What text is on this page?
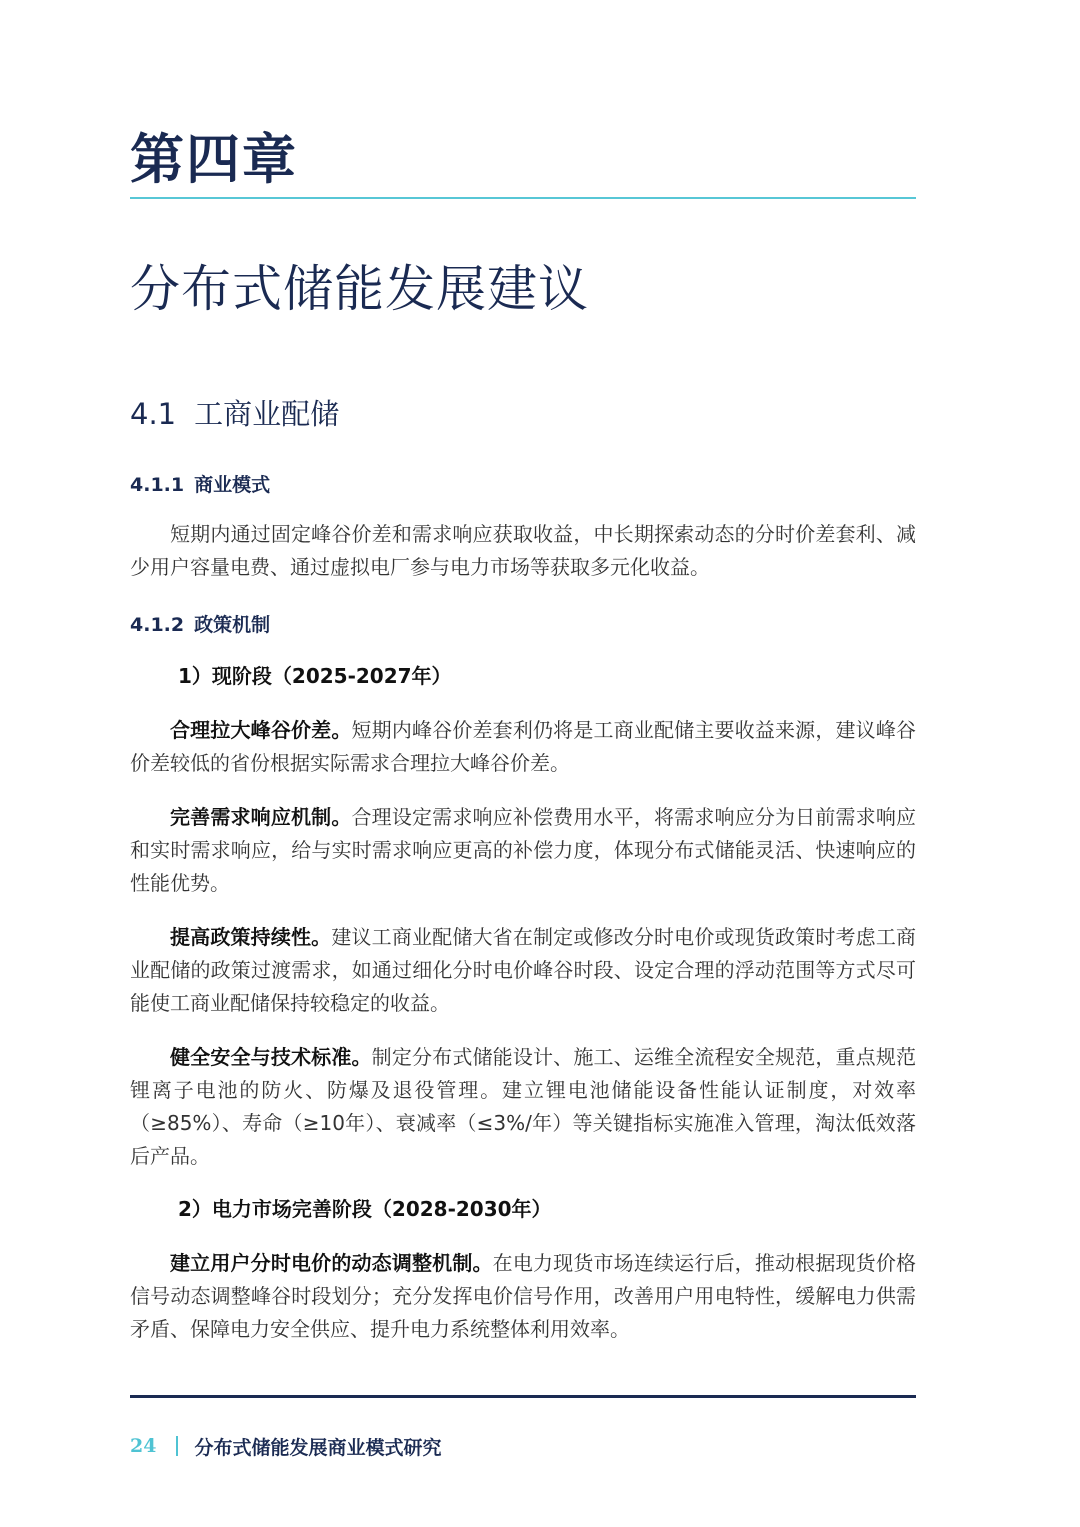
第四章
分布式储能发展建议
4.1 工商业配储
4.1.1 商业模式

短期内通过固定峰谷价差和需求响应获取收益，中长期探索动态的分时价差套利、减少用户容量电费、通过虚拟电厂参与电力市场等获取多元化收益。

4.1.2 政策机制

1）现阶段（2025-2027年）

合理拉大峰谷价差。短期内峰谷价差套利仍将是工商业配储主要收益来源，建议峰谷价差较低的省份根据实际需求合理拉大峰谷价差。

完善需求响应机制。合理设定需求响应补偿费用水平，将需求响应分为日前需求响应和实时需求响应，给与实时需求响应更高的补偿力度，体现分布式储能灵活、快速响应的性能优势。

提高政策持续性。建议工商业配储大省在制定或修改分时电价或现货政策时考虑工商业配储的政策过渡需求，如通过细化分时电价峰谷时段、设定合理的浮动范围等方式尽可能使工商业配储保持较稳定的收益。

健全安全与技术标准。制定分布式储能设计、施工、运维全流程安全规范，重点规范锂离子电池的防火、防爆及退役管理。建立锂电池储能设备性能认证制度，对效率（≥85%）、寿命（≥10年）、衰减率（≤3%/年）等关键指标实施准入管理，淘汰低效落后产品。

2）电力市场完善阶段（2028-2030年）

建立用户分时电价的动态调整机制。在电力现货市场连续运行后，推动根据现货价格信号动态调整峰谷时段划分；充分发挥电价信号作用，改善用户用电特性，缓解电力供需矛盾、保障电力安全供应、提升电力系统整体利用效率。

24 分布式储能发展商业模式研究
